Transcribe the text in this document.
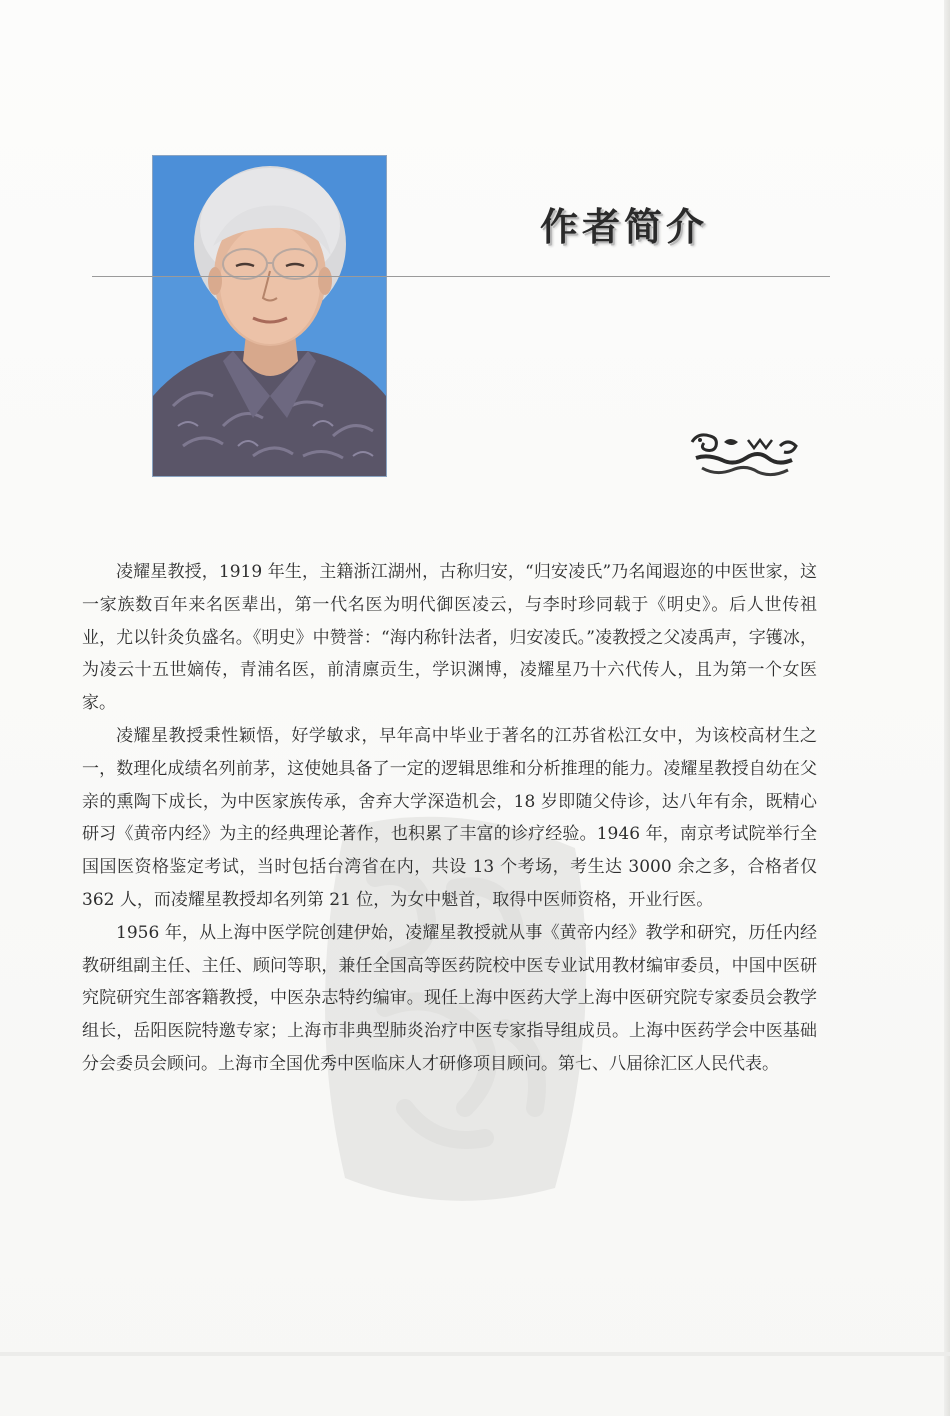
作者简介

凌耀星教授，1919 年生，主籍浙江湖州，古称归安，“归安凌氏”乃名闻遐迩的中医世家，这一家族数百年来名医辈出，第一代名医为明代御医凌云，与李时珍同载于《明史》。后人世传祖业，尤以针灸负盛名。《明史》中赞誉：“海内称针法者，归安凌氏。”凌教授之父凌禹声，字镬冰，为凌云十五世嫡传，青浦名医，前清廪贡生，学识渊博，凌耀星乃十六代传人，且为第一个女医家。

凌耀星教授秉性颖悟，好学敏求，早年高中毕业于著名的江苏省松江女中，为该校高材生之一，数理化成绩名列前茅，这使她具备了一定的逻辑思维和分析推理的能力。凌耀星教授自幼在父亲的熏陶下成长，为中医家族传承，舍弃大学深造机会，18 岁即随父侍诊，达八年有余，既精心研习《黄帝内经》为主的经典理论著作，也积累了丰富的诊疗经验。1946 年，南京考试院举行全国国医资格鉴定考试，当时包括台湾省在内，共设 13 个考场，考生达 3000 余之多，合格者仅 362 人，而凌耀星教授却名列第 21 位，为女中魁首，取得中医师资格，开业行医。

1956 年，从上海中医学院创建伊始，凌耀星教授就从事《黄帝内经》教学和研究，历任内经教研组副主任、主任、顾问等职，兼任全国高等医药院校中医专业试用教材编审委员，中国中医研究院研究生部客籍教授，中医杂志特约编审。现任上海中医药大学上海中医研究院专家委员会教学组长，岳阳医院特邀专家；上海市非典型肺炎治疗中医专家指导组成员。上海中医药学会中医基础分会委员会顾问。上海市全国优秀中医临床人才研修项目顾问。第七、八届徐汇区人民代表。
